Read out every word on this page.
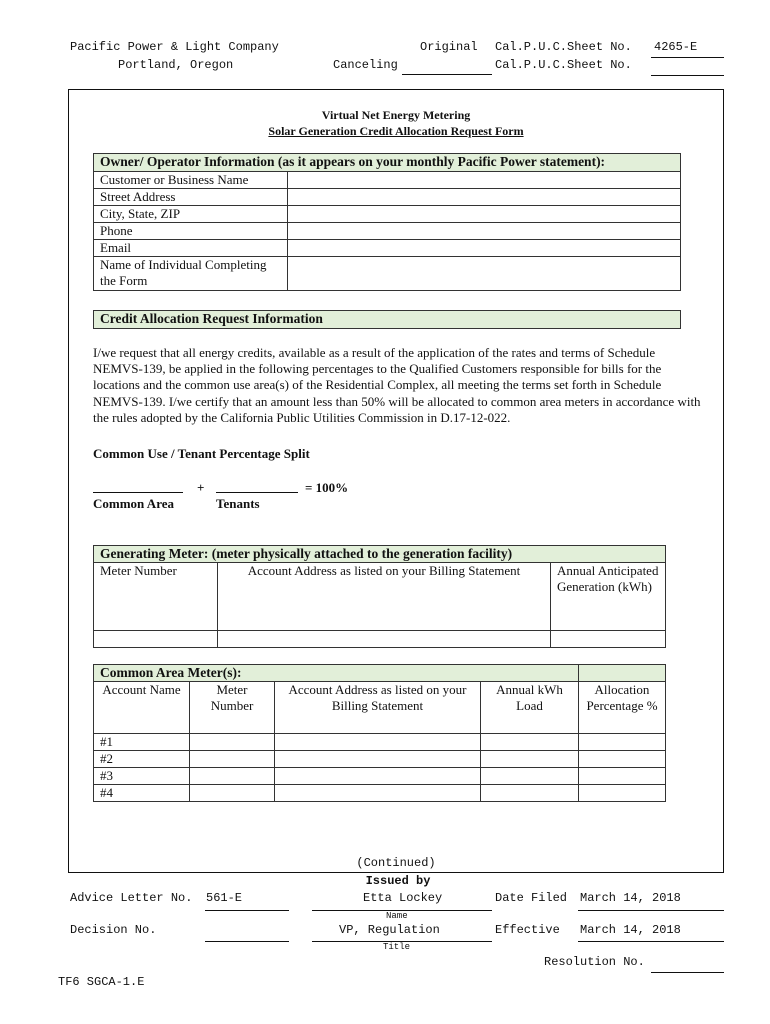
Pacific Power & Light Company
Portland, Oregon
Original
Canceling
Cal.P.U.C.Sheet No.
Cal.P.U.C.Sheet No.
4265-E
Virtual Net Energy Metering
Solar Generation Credit Allocation Request Form
Owner/ Operator Information (as it appears on your monthly Pacific Power statement):	
Customer or Business Name	
Street Address	
City, State, ZIP	
Phone	
Email	
Name of Individual Completing the Form	
Credit Allocation Request Information
I/we request that all energy credits, available as a result of the application of the rates and terms of Schedule NEMVS-139, be applied in the following percentages to the Qualified Customers responsible for bills for the locations and the common use area(s) of the Residential Complex, all meeting the terms set forth in Schedule NEMVS-139. I/we certify that an amount less than 50% will be allocated to common area meters in accordance with the rules adopted by the California Public Utilities Commission in D.17-12-022.
Common Use / Tenant Percentage Split
+	= 100%
Common Area	Tenants
Generating Meter: (meter physically attached to the generation facility)		
Meter Number	Account Address as listed on your Billing Statement	Annual Anticipated Generation (kWh)

Common Area Meter(s):				
Account Name	Meter Number	Account Address as listed on your Billing Statement	Annual kWh Load	Allocation Percentage %
#1				
#2				
#3				
#4				
(Continued)
Issued by
Advice Letter No. 561-E	Etta Lockey
Name
Date Filed March 14, 2018
Decision No.	VP, Regulation
Title
Effective March 14, 2018
Resolution No.
TF6 SGCA-1.E
